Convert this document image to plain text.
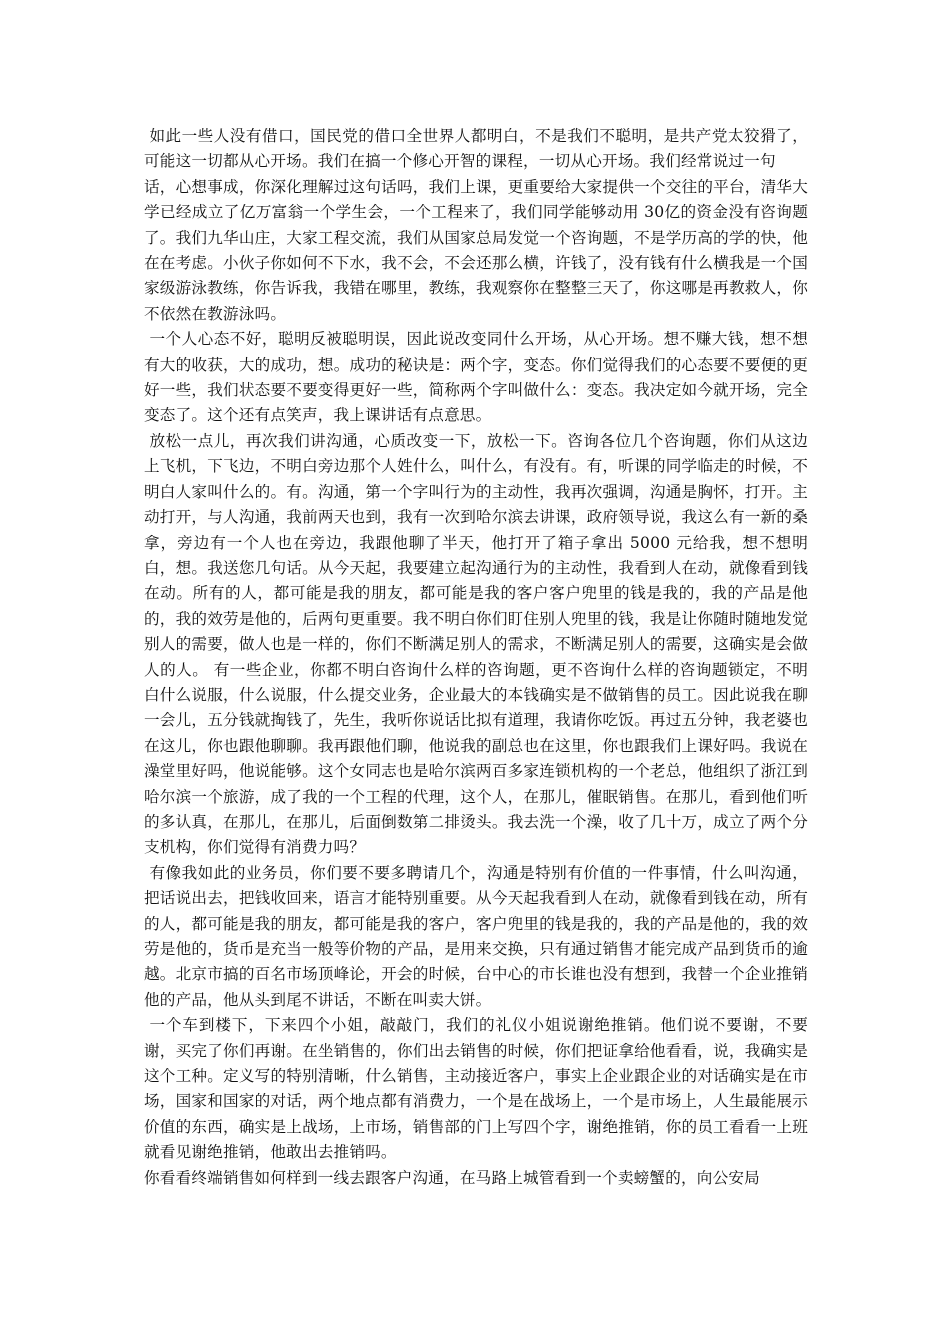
如此一些人没有借口，国民党的借口全世界人都明白，不是我们不聪明，是共产党太狡猾了，可能这一切都从心开场。我们在搞一个修心开智的课程，一切从心开场。我们经常说过一句

话，心想事成，你深化理解过这句话吗，我们上课，更重要给大家提供一个交往的平台，清华大学已经成立了亿万富翁一个学生会，一个工程来了，我们同学能够动用 30亿的资金没有咨询题了。我们九华山庄，大家工程交流，我们从国家总局发觉一个咨询题，不是学历高的学的快，他在在考虑。小伙子你如何不下水，我不会，不会还那么横，许钱了，没有钱有什么横我是一个国家级游泳教练，你告诉我，我错在哪里，教练，我观察你在整整三天了，你这哪是再教救人，你不依然在教游泳吗。

一个人心态不好，聪明反被聪明误，因此说改变同什么开场，从心开场。想不赚大钱，想不想有大的收获，大的成功，想。成功的秘诀是：两个字，变态。你们觉得我们的心态要不要便的更好一些，我们状态要不要变得更好一些，简称两个字叫做什么：变态。我决定如今就开场，完全变态了。这个还有点笑声，我上课讲话有点意思。

放松一点儿，再次我们讲沟通，心质改变一下，放松一下。咨询各位几个咨询题，你们从这边上飞机，下飞边，不明白旁边那个人姓什么，叫什么，有没有。有，听课的同学临走的时候，不明白人家叫什么的。有。沟通，第一个字叫行为的主动性，我再次强调，沟通是胸怀，打开。主动打开，与人沟通，我前两天也到，我有一次到哈尔滨去讲课，政府领导说，我这么有一新的桑拿，旁边有一个人也在旁边，我跟他聊了半天，他打开了箱子拿出 5000 元给我，想不想明白，想。我送您几句话。从今天起，我要建立起沟通行为的主动性，我看到人在动，就像看到钱在动。所有的人，都可能是我的朋友，都可能是我的客户客户兜里的钱是我的，我的产品是他的，我的效劳是他的，后两句更重要。我不明白你们盯住别人兜里的钱，我是让你随时随地发觉别人的需要，做人也是一样的，你们不断满足别人的需求，不断满足别人的需要，这确实是会做人的人。 有一些企业，你都不明白咨询什么样的咨询题，更不咨询什么样的咨询题锁定，不明白什么说服，什么说服，什么提交业务，企业最大的本钱确实是不做销售的员工。因此说我在聊一会儿，五分钱就掏钱了，先生，我听你说话比拟有道理，我请你吃饭。再过五分钟，我老婆也在这儿，你也跟他聊聊。我再跟他们聊，他说我的副总也在这里，你也跟我们上课好吗。我说在澡堂里好吗，他说能够。这个女同志也是哈尔滨两百多家连锁机构的一个老总，他组织了浙江到哈尔滨一个旅游，成了我的一个工程的代理，这个人，在那儿，催眠销售。在那儿，看到他们听的多认真，在那儿，在那儿，后面倒数第二排烫头。我去洗一个澡，收了几十万，成立了两个分支机构，你们觉得有消费力吗？

有像我如此的业务员，你们要不要多聘请几个，沟通是特别有价值的一件事情，什么叫沟通，把话说出去，把钱收回来，语言才能特别重要。从今天起我看到人在动，就像看到钱在动，所有的人，都可能是我的朋友，都可能是我的客户，客户兜里的钱是我的，我的产品是他的，我的效劳是他的，货币是充当一般等价物的产品，是用来交换，只有通过销售才能完成产品到货币的逾越。北京市搞的百名市场顶峰论，开会的时候，台中心的市长谁也没有想到，我替一个企业推销他的产品，他从头到尾不讲话，不断在叫卖大饼。

一个车到楼下，下来四个小姐，敲敲门，我们的礼仪小姐说谢绝推销。他们说不要谢，不要谢，买完了你们再谢。在坐销售的，你们出去销售的时候，你们把证拿给他看看，说，我确实是这个工种。定义写的特别清晰，什么销售，主动接近客户，事实上企业跟企业的对话确实是在市场，国家和国家的对话，两个地点都有消费力，一个是在战场上，一个是市场上，人生最能展示价值的东西，确实是上战场，上市场，销售部的门上写四个字，谢绝推销，你的员工看看一上班就看见谢绝推销，他敢出去推销吗。

你看看终端销售如何样到一线去跟客户沟通，在马路上城管看到一个卖螃蟹的，向公安局
